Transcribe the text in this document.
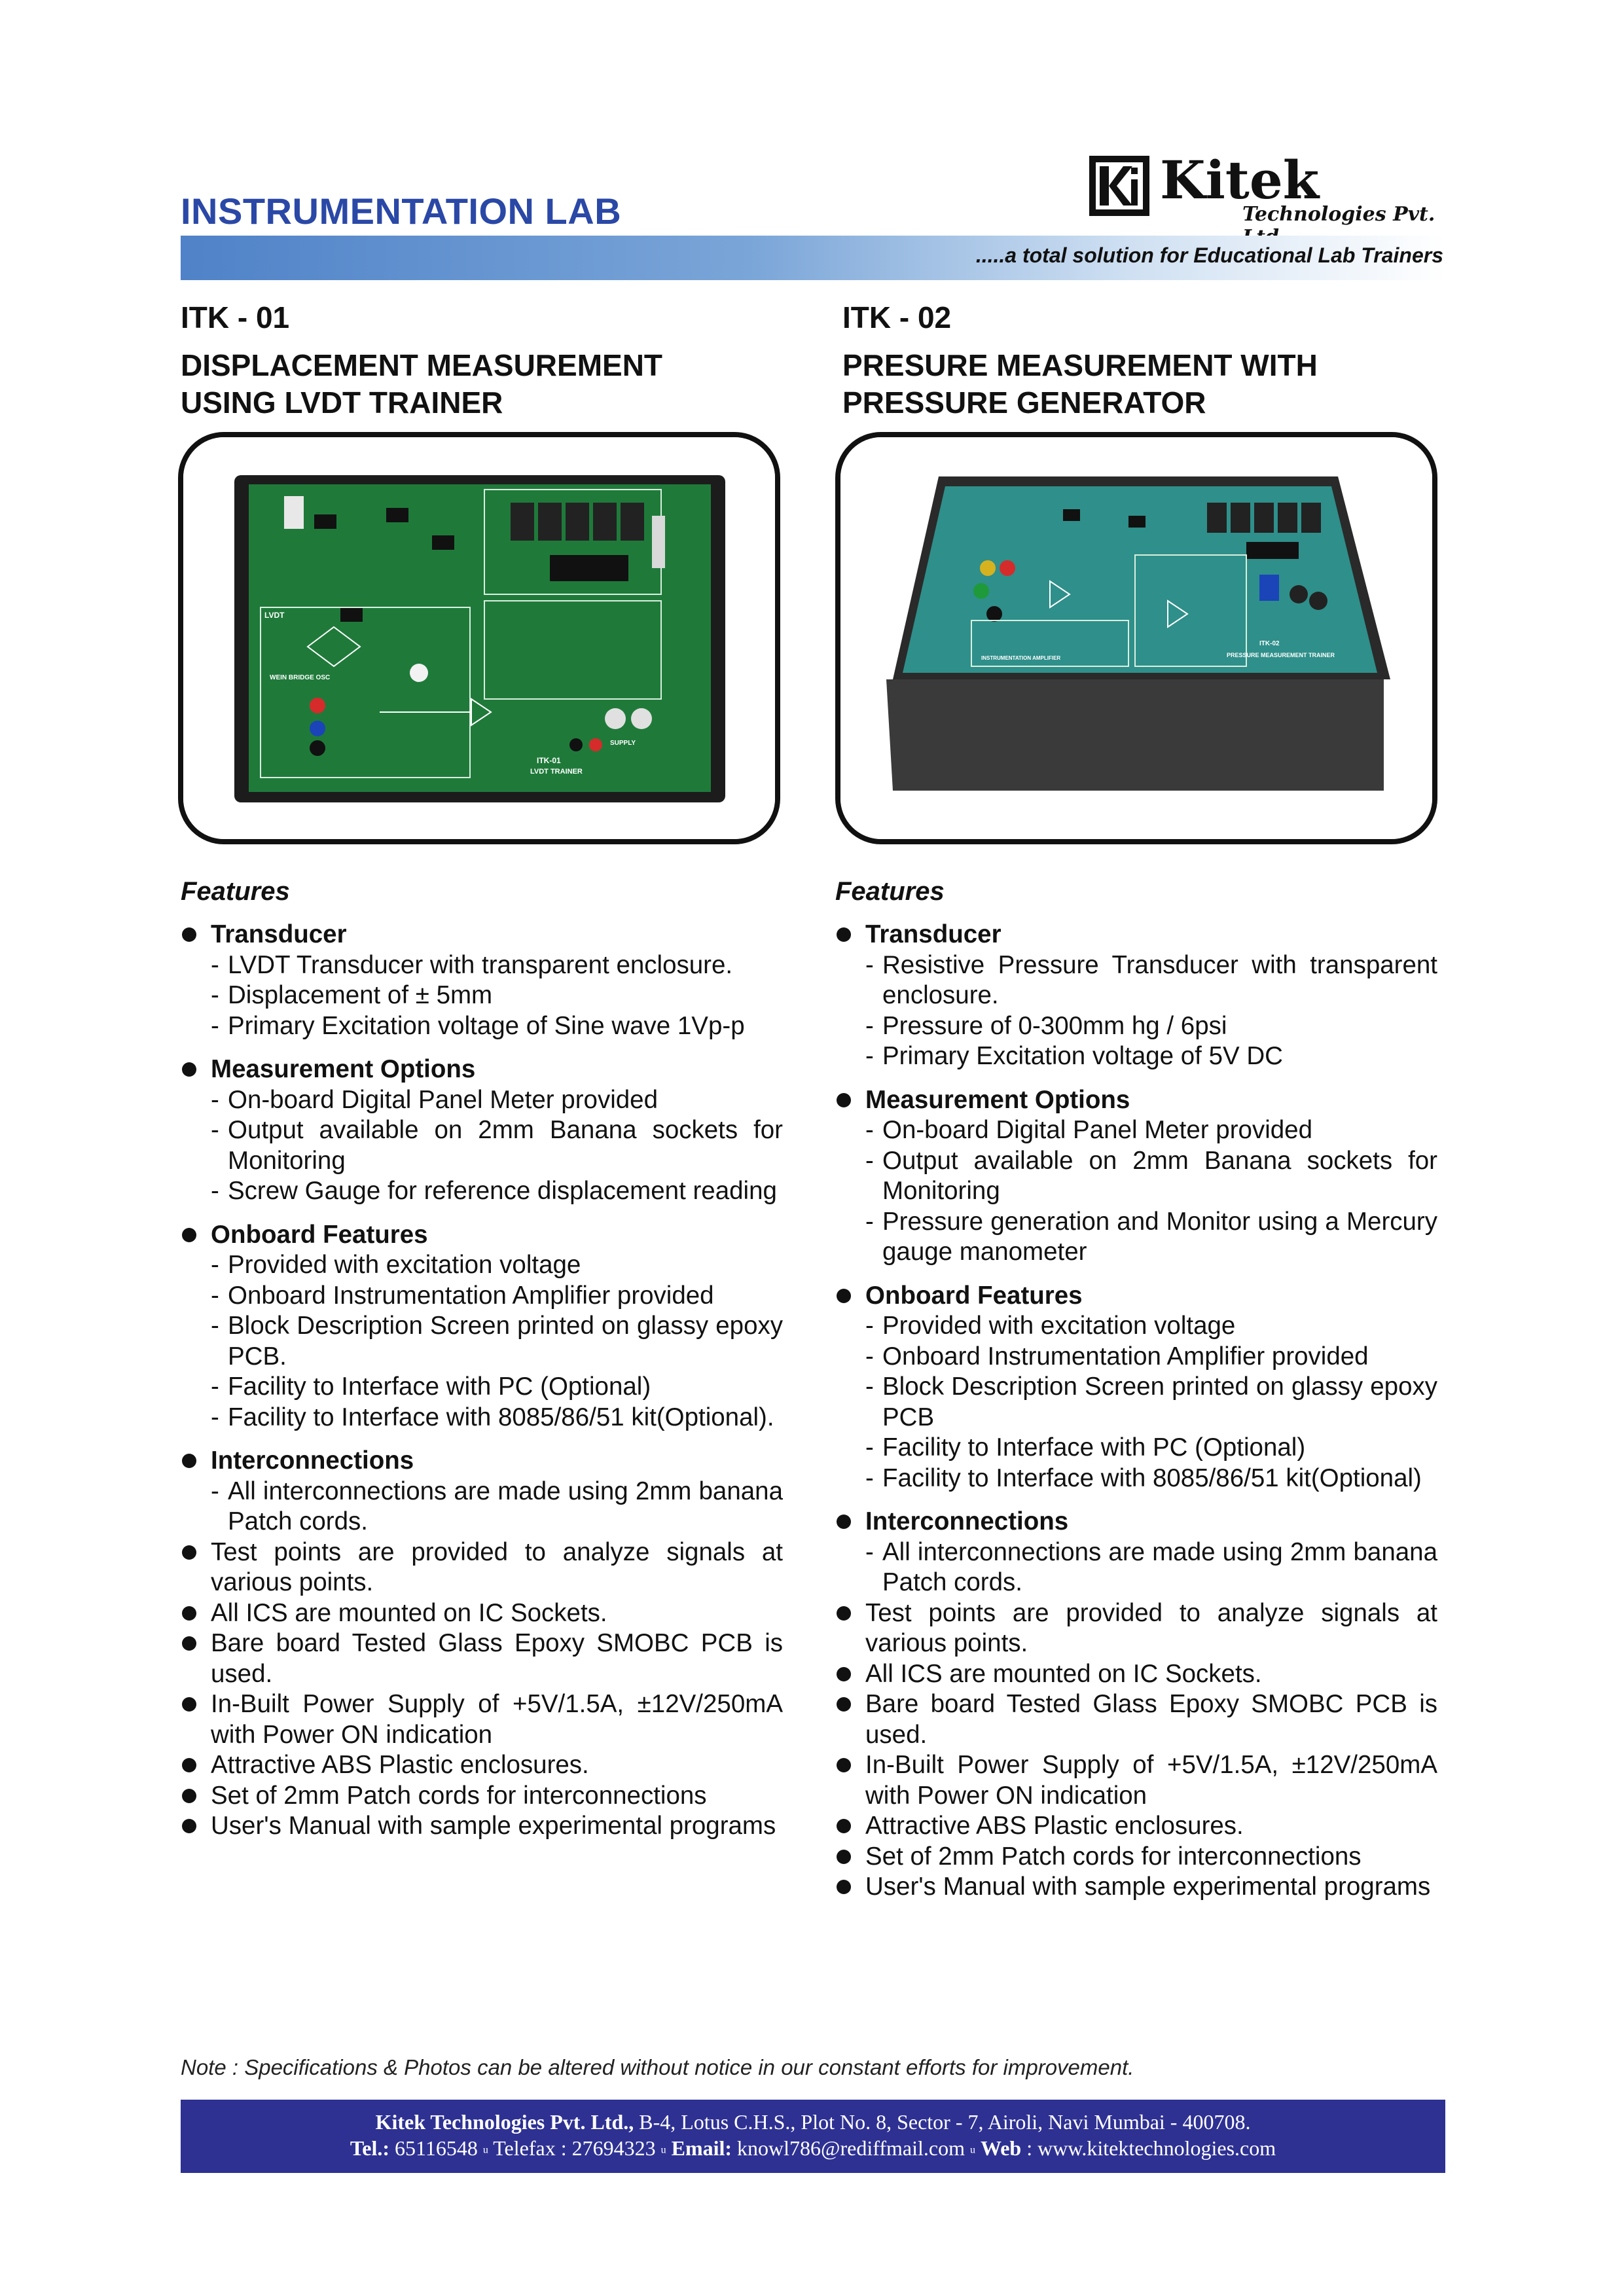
INSTRUMENTATION LAB
Kitek
Technologies Pvt.
.....a total solution for Educational Lab Trainers

ITK - 01

DISPLACEMENT MEASUREMENT
USING LVDT TRAINER

ITK - 02

PRESURE MEASUREMENT WITH
PRESSURE GENERATOR

LVDT
WEIN BRIDGE OSC
ITK-01
LVDT TRAINER
SUPPLY
ITK-02
PRESSURE MEASUREMENT TRAINER
INSTRUMENTATION AMPLIFIER
Features	Features
Transducer
- LVDT Transducer with transparent enclosure.
- Displacement of ± 5mm
- Primary Excitation voltage of Sine wave 1Vp-p
Measurement Options
- On-board Digital Panel Meter provided
- Output available on 2mm Banana sockets for Monitoring
- Screw Gauge for reference displacement reading
Onboard Features
- Provided with excitation voltage
- Onboard Instrumentation Amplifier provided
- Block Description Screen printed on glassy epoxy PCB.
- Facility to Interface with PC (Optional)
- Facility to Interface with 8085/86/51 kit(Optional).
Interconnections
- All interconnections are made using 2mm banana Patch cords.
Test points are provided to analyze signals at various points.
All ICS are mounted on IC Sockets.
Bare board Tested Glass Epoxy SMOBC PCB is used.
In-Built Power Supply of +5V/1.5A, ±12V/250mA with Power ON indication
Attractive ABS Plastic enclosures.
Set of 2mm Patch cords for interconnections
User's Manual with sample experimental programs
Transducer
- Resistive Pressure Transducer with transparent enclosure.
- Pressure of 0-300mm hg / 6psi
- Primary Excitation voltage of 5V DC
Measurement Options
- On-board Digital Panel Meter provided
- Output available on 2mm Banana sockets for Monitoring
- Pressure generation and Monitor using a Mercury gauge manometer
Onboard Features
- Provided with excitation voltage
- Onboard Instrumentation Amplifier provided
- Block Description Screen printed on glassy epoxy PCB
- Facility to Interface with PC (Optional)
- Facility to Interface with 8085/86/51 kit(Optional)
Interconnections
- All interconnections are made using 2mm banana Patch cords.
Test points are provided to analyze signals at various points.
All ICS are mounted on IC Sockets.
Bare board Tested Glass Epoxy SMOBC PCB is used.
In-Built Power Supply of +5V/1.5A, ±12V/250mA with Power ON indication
Attractive ABS Plastic enclosures.
Set of 2mm Patch cords for interconnections
User's Manual with sample experimental programs
Note : Specifications & Photos can be altered without notice in our constant efforts for improvement.
Kitek Technologies Pvt. Ltd., B-4, Lotus C.H.S., Plot No. 8, Sector - 7, Airoli, Navi Mumbai - 400708.
Tel.: 65116548 u Telefax : 27694323 u Email: knowl786@rediffmail.com u Web : www.kitektechnologies.com
